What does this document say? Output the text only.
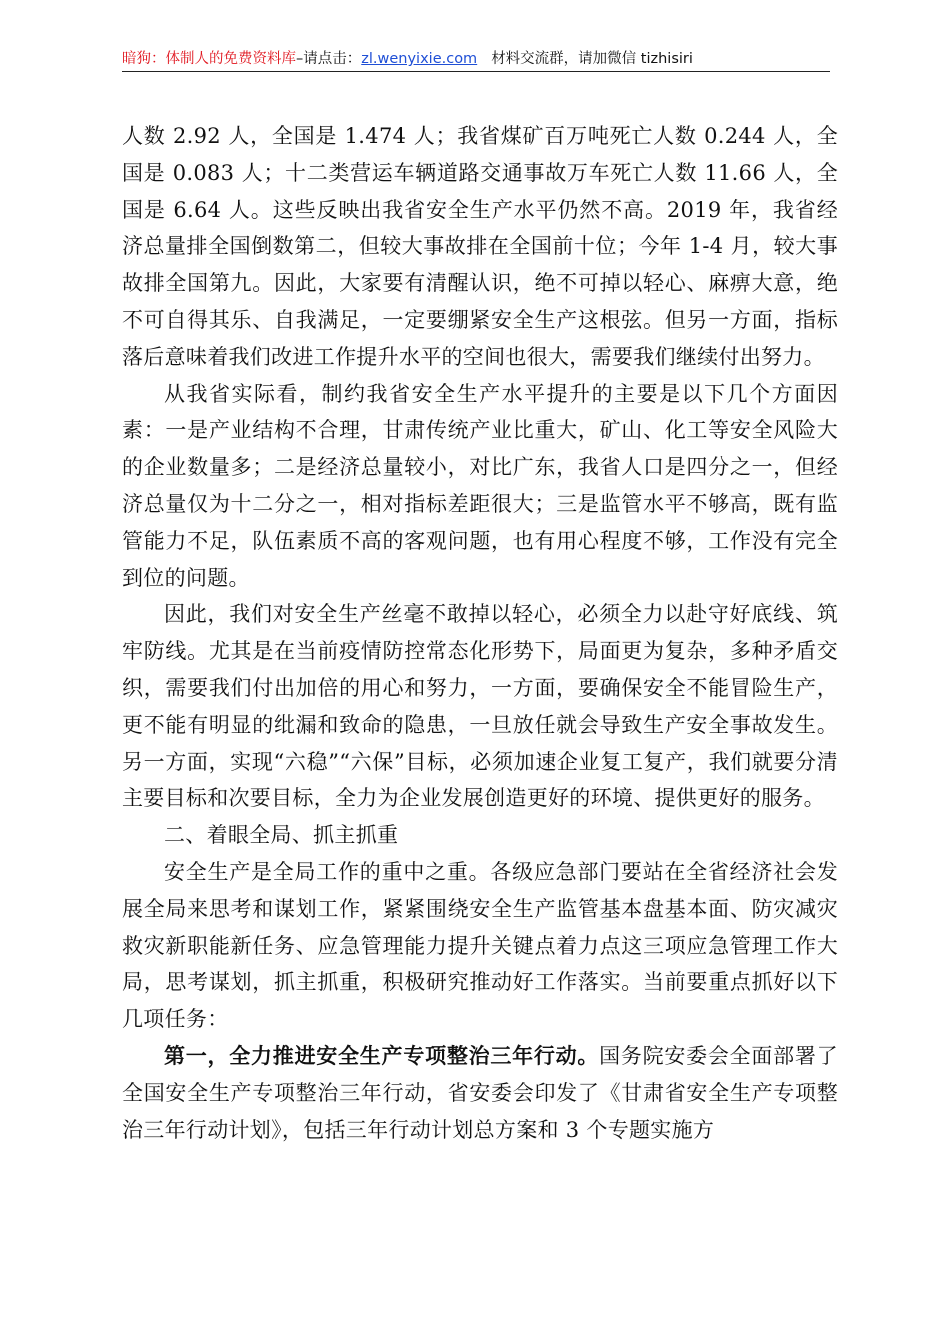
暗狗：体制人的免费资料库–请点击：zl.wenyixie.com 材料交流群，请加微信 tizhisiri

人数 2.92 人，全国是 1.474 人；我省煤矿百万吨死亡人数 0.244 人，全国是 0.083 人；十二类营运车辆道路交通事故万车死亡人数 11.66 人，全国是 6.64 人。这些反映出我省安全生产水平仍然不高。2019 年，我省经济总量排全国倒数第二，但较大事故排在全国前十位；今年 1-4 月，较大事故排全国第九。因此，大家要有清醒认识，绝不可掉以轻心、麻痹大意，绝不可自得其乐、自我满足，一定要绷紧安全生产这根弦。但另一方面，指标落后意味着我们改进工作提升水平的空间也很大，需要我们继续付出努力。

从我省实际看，制约我省安全生产水平提升的主要是以下几个方面因素：一是产业结构不合理，甘肃传统产业比重大，矿山、化工等安全风险大的企业数量多；二是经济总量较小，对比广东，我省人口是四分之一，但经济总量仅为十二分之一，相对指标差距很大；三是监管水平不够高，既有监管能力不足，队伍素质不高的客观问题，也有用心程度不够，工作没有完全到位的问题。

因此，我们对安全生产丝毫不敢掉以轻心，必须全力以赴守好底线、筑牢防线。尤其是在当前疫情防控常态化形势下，局面更为复杂，多种矛盾交织，需要我们付出加倍的用心和努力，一方面，要确保安全不能冒险生产，更不能有明显的纰漏和致命的隐患，一旦放任就会导致生产安全事故发生。另一方面，实现“六稳”“六保”目标，必须加速企业复工复产，我们就要分清主要目标和次要目标，全力为企业发展创造更好的环境、提供更好的服务。

二、着眼全局、抓主抓重

安全生产是全局工作的重中之重。各级应急部门要站在全省经济社会发展全局来思考和谋划工作，紧紧围绕安全生产监管基本盘基本面、防灾减灾救灾新职能新任务、应急管理能力提升关键点着力点这三项应急管理工作大局，思考谋划，抓主抓重，积极研究推动好工作落实。当前要重点抓好以下几项任务：

第一，全力推进安全生产专项整治三年行动。国务院安委会全面部署了全国安全生产专项整治三年行动，省安委会印发了《甘肃省安全生产专项整治三年行动计划》，包括三年行动计划总方案和 3 个专题实施方
